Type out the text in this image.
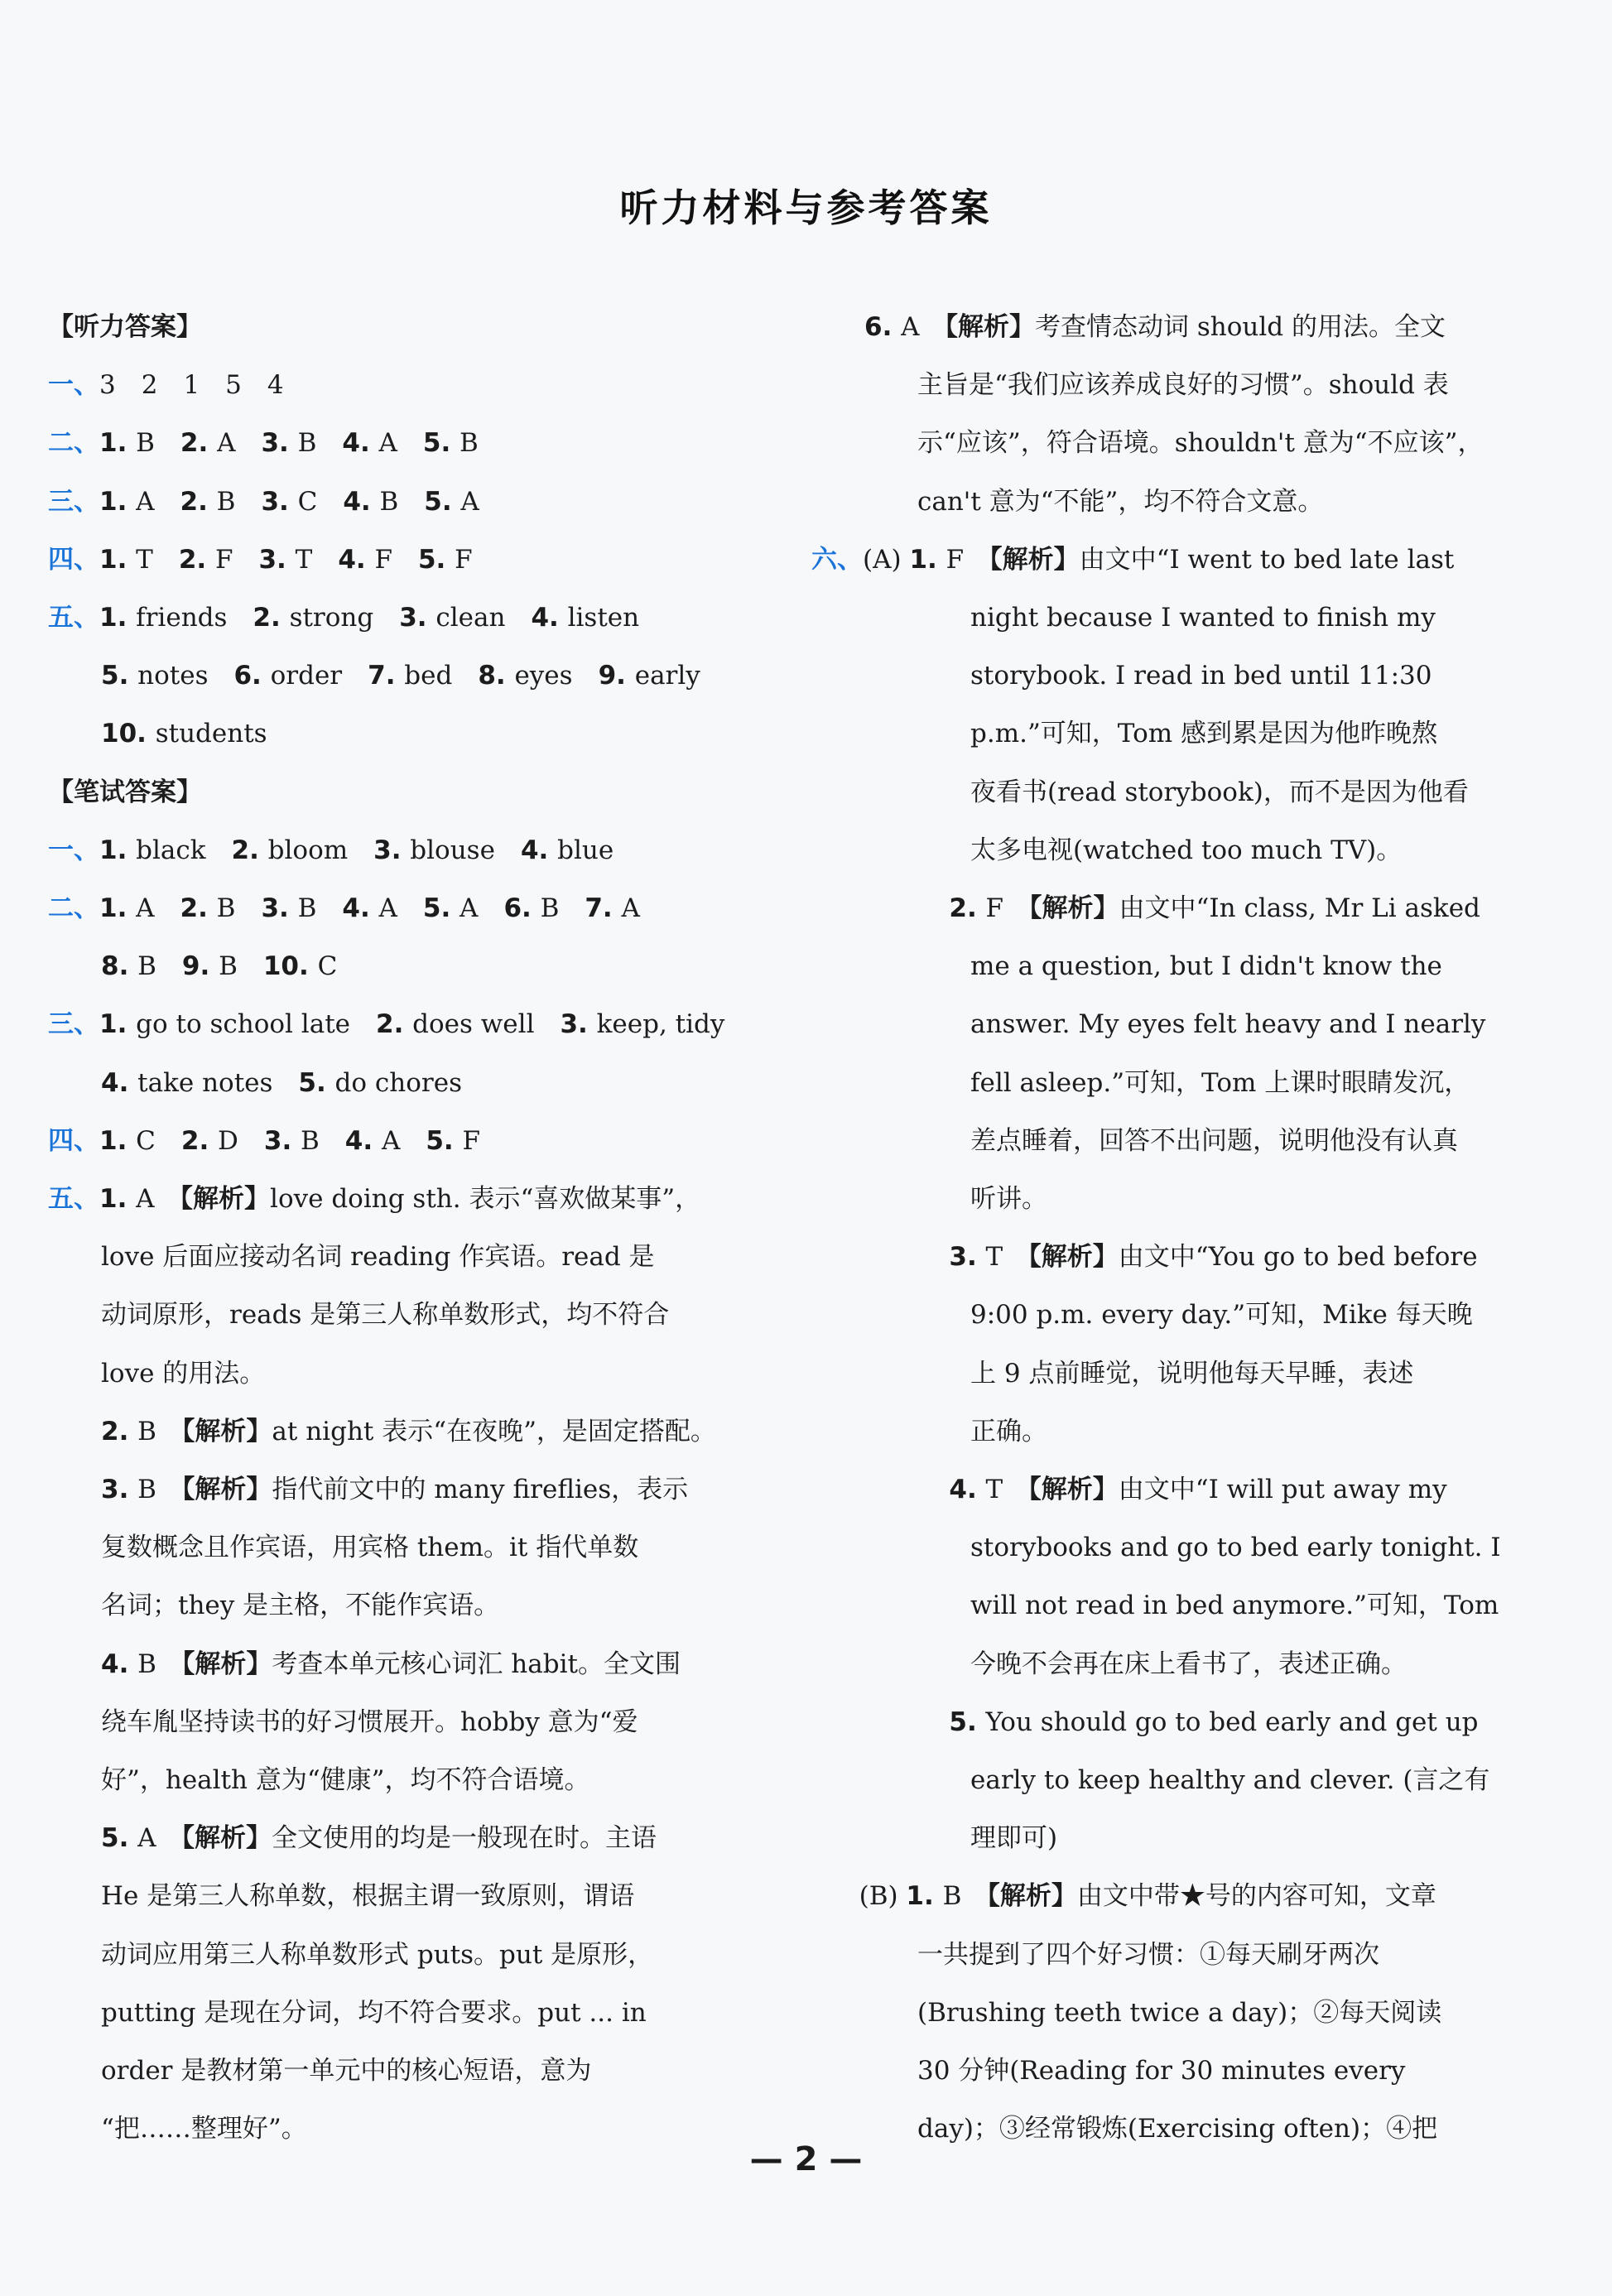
听力材料与参考答案
【听力答案】
一、3　2　1　5　4
二、1. B　2. A　3. B　4. A　5. B
三、1. A　2. B　3. C　4. B　5. A
四、1. T　2. F　3. T　4. F　5. F
五、1. friends　2. strong　3. clean　4. listen
5. notes　6. order　7. bed　8. eyes　9. early
10. students
【笔试答案】
一、1. black　2. bloom　3. blouse　4. blue
二、1. A　2. B　3. B　4. A　5. A　6. B　7. A
8. B　9. B　10. C
三、1. go to school late　2. does well　3. keep, tidy
4. take notes　5. do chores
四、1. C　2. D　3. B　4. A　5. F
五、1. A　【解析】love doing sth. 表示“喜欢做某事”，
love 后面应接动名词 reading 作宾语。read 是
动词原形，reads 是第三人称单数形式，均不符合
love 的用法。
2. B　【解析】at night 表示“在夜晚”，是固定搭配。
3. B　【解析】指代前文中的 many fireflies，表示
复数概念且作宾语，用宾格 them。it 指代单数
名词；they 是主格，不能作宾语。
4. B　【解析】考查本单元核心词汇 habit。全文围
绕车胤坚持读书的好习惯展开。hobby 意为“爱
好”，health 意为“健康”，均不符合语境。
5. A　【解析】全文使用的均是一般现在时。主语
He 是第三人称单数，根据主谓一致原则，谓语
动词应用第三人称单数形式 puts。put 是原形，
putting 是现在分词，均不符合要求。put ... in
order 是教材第一单元中的核心短语，意为
“把……整理好”。
6. A　【解析】考查情态动词 should 的用法。全文
主旨是“我们应该养成良好的习惯”。should 表
示“应该”，符合语境。shouldn't 意为“不应该”，
can't 意为“不能”，均不符合文意。
六、(A) 1. F　【解析】由文中“I went to bed late last
night because I wanted to finish my
storybook. I read in bed until 11:30
p.m.”可知，Tom 感到累是因为他昨晚熬
夜看书(read storybook)，而不是因为他看
太多电视(watched too much TV)。
2. F　【解析】由文中“In class, Mr Li asked
me a question, but I didn't know the
answer. My eyes felt heavy and I nearly
fell asleep.”可知，Tom 上课时眼睛发沉，
差点睡着，回答不出问题，说明他没有认真
听讲。
3. T　【解析】由文中“You go to bed before
9:00 p.m. every day.”可知，Mike 每天晚
上 9 点前睡觉，说明他每天早睡，表述
正确。
4. T　【解析】由文中“I will put away my
storybooks and go to bed early tonight. I
will not read in bed anymore.”可知，Tom
今晚不会再在床上看书了，表述正确。
5. You should go to bed early and get up
early to keep healthy and clever. (言之有
理即可)
(B) 1. B　【解析】由文中带★号的内容可知，文章
一共提到了四个好习惯：①每天刷牙两次
(Brushing teeth twice a day)；②每天阅读
30 分钟(Reading for 30 minutes every
day)；③经常锻炼(Exercising often)；④把
— 2 —
